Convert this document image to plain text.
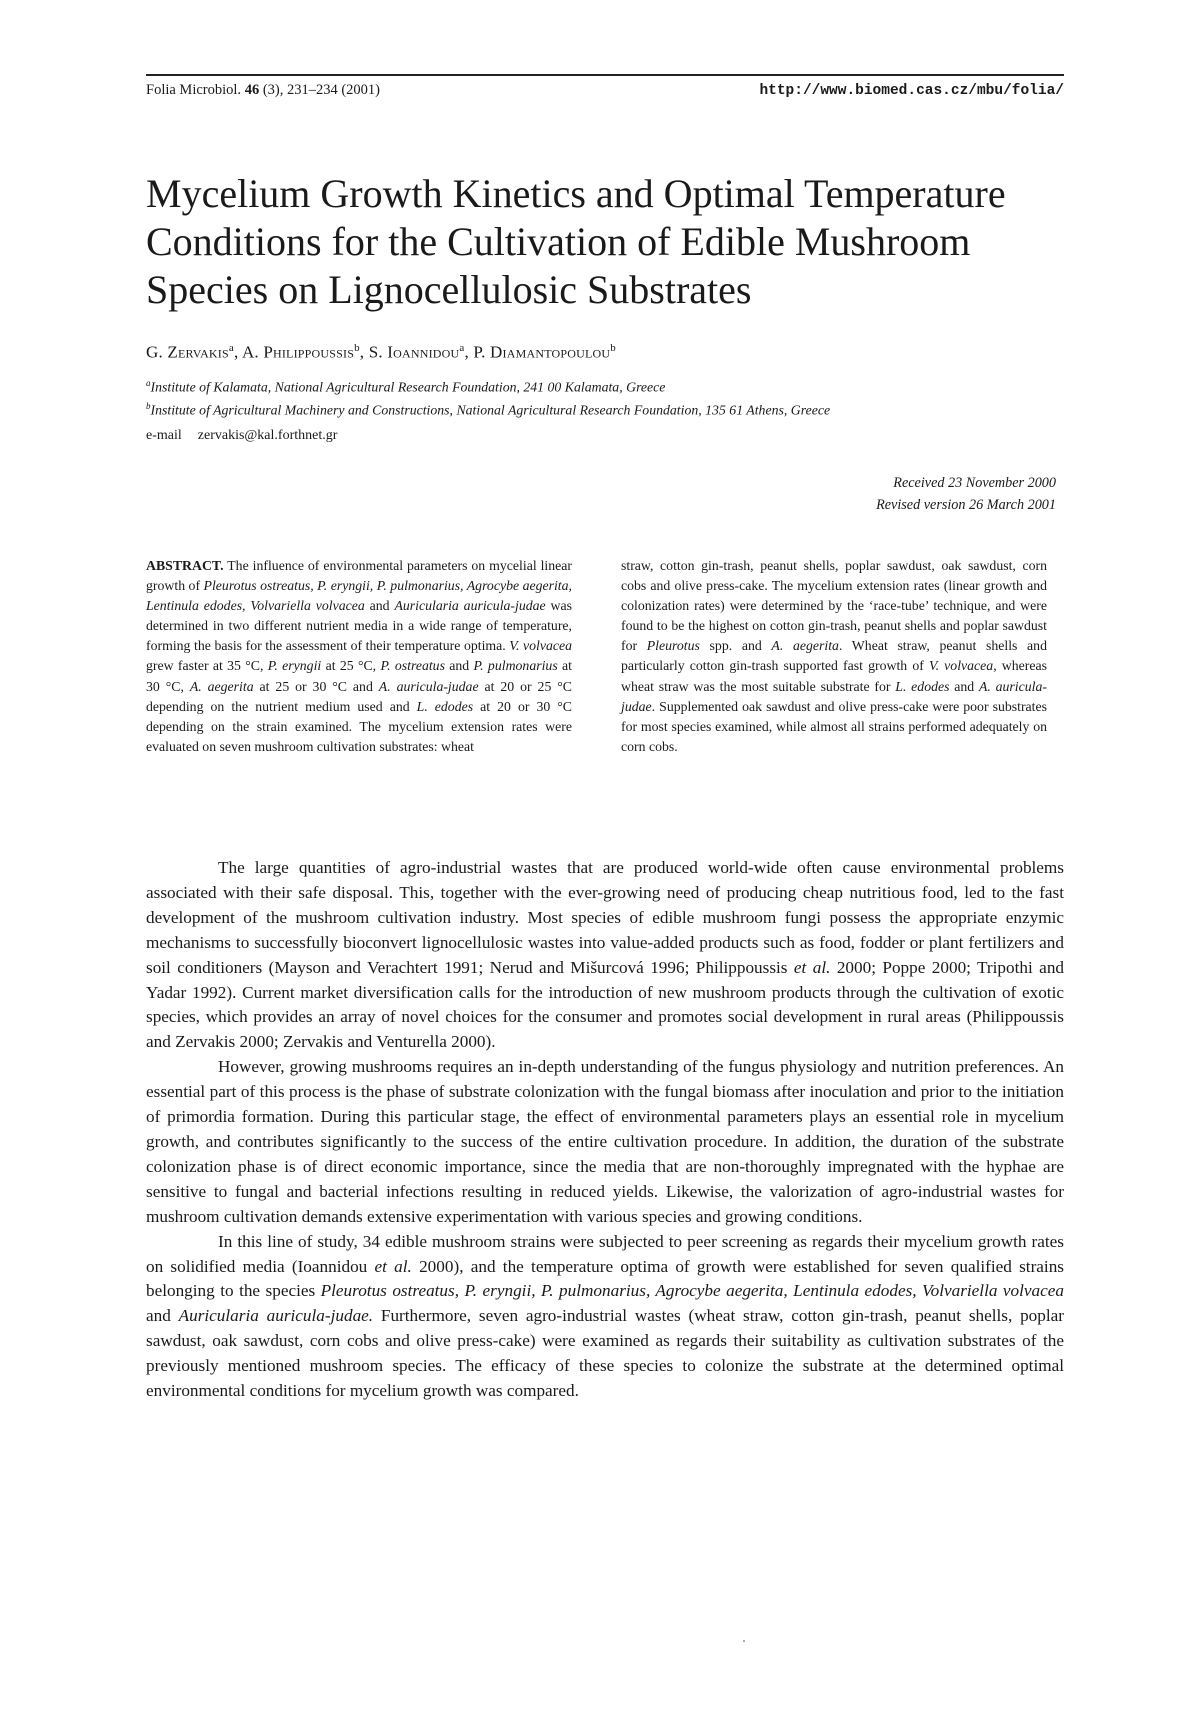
Folia Microbiol. 46 (3), 231–234 (2001)	http://www.biomed.cas.cz/mbu/folia/
Mycelium Growth Kinetics and Optimal Temperature Conditions for the Cultivation of Edible Mushroom Species on Lignocellulosic Substrates
G. Zervakis$^a$, A. Philippoussis$^b$, S. Ioannidou$^a$, P. Diamantopoulou$^b$
$^a$Institute of Kalamata, National Agricultural Research Foundation, 241 00 Kalamata, Greece
$^b$Institute of Agricultural Machinery and Constructions, National Agricultural Research Foundation, 135 61 Athens, Greece
e-mail zervakis@kal.forthnet.gr
Received 23 November 2000
Revised version 26 March 2001
ABSTRACT. The influence of environmental parameters on mycelial linear growth of Pleurotus ostreatus, P. eryngii, P. pulmonarius, Agrocybe aegerita, Lentinula edodes, Volvariella volvacea and Auricularia auricula-judae was determined in two different nutrient media in a wide range of temperature, forming the basis for the assessment of their temperature optima. V. volvacea grew faster at 35 °C, P. eryngii at 25 °C, P. ostreatus and P. pulmonarius at 30 °C, A. aegerita at 25 or 30 °C and A. auricula-judae at 20 or 25 °C depending on the nutrient medium used and L. edodes at 20 or 30 °C depending on the strain examined. The mycelium extension rates were evaluated on seven mushroom cultivation substrates: wheat
straw, cotton gin-trash, peanut shells, poplar sawdust, oak sawdust, corn cobs and olive press-cake. The mycelium extension rates (linear growth and colonization rates) were determined by the ‘race-tube’ technique, and were found to be the highest on cotton gin-trash, peanut shells and poplar sawdust for Pleurotus spp. and A. aegerita. Wheat straw, peanut shells and particularly cotton gin-trash supported fast growth of V. volvacea, whereas wheat straw was the most suitable substrate for L. edodes and A. auricula-judae. Supplemented oak sawdust and olive press-cake were poor substrates for most species examined, while almost all strains performed adequately on corn cobs.

The large quantities of agro-industrial wastes that are produced world-wide often cause environmental problems associated with their safe disposal. This, together with the ever-growing need of producing cheap nutritious food, led to the fast development of the mushroom cultivation industry. Most species of edible mushroom fungi possess the appropriate enzymic mechanisms to successfully bioconvert lignocellulosic wastes into value-added products such as food, fodder or plant fertilizers and soil conditioners (Mayson and Verachtert 1991; Nerud and Mišurcová 1996; Philippoussis et al. 2000; Poppe 2000; Tripothi and Yadar 1992). Current market diversification calls for the introduction of new mushroom products through the cultivation of exotic species, which provides an array of novel choices for the consumer and promotes social development in rural areas (Philippoussis and Zervakis 2000; Zervakis and Venturella 2000).

However, growing mushrooms requires an in-depth understanding of the fungus physiology and nutrition preferences. An essential part of this process is the phase of substrate colonization with the fungal biomass after inoculation and prior to the initiation of primordia formation. During this particular stage, the effect of environmental parameters plays an essential role in mycelium growth, and contributes significantly to the success of the entire cultivation procedure. In addition, the duration of the substrate colonization phase is of direct economic importance, since the media that are non-thoroughly impregnated with the hyphae are sensitive to fungal and bacterial infections resulting in reduced yields. Likewise, the valorization of agro-industrial wastes for mushroom cultivation demands extensive experimentation with various species and growing conditions.

In this line of study, 34 edible mushroom strains were subjected to peer screening as regards their mycelium growth rates on solidified media (Ioannidou et al. 2000), and the temperature optima of growth were established for seven qualified strains belonging to the species Pleurotus ostreatus, P. eryngii, P. pulmonarius, Agrocybe aegerita, Lentinula edodes, Volvariella volvacea and Auricularia auricula-judae. Furthermore, seven agro-industrial wastes (wheat straw, cotton gin-trash, peanut shells, poplar sawdust, oak sawdust, corn cobs and olive press-cake) were examined as regards their suitability as cultivation substrates of the previously mentioned mushroom species. The efficacy of these species to colonize the substrate at the determined optimal environmental conditions for mycelium growth was compared.
